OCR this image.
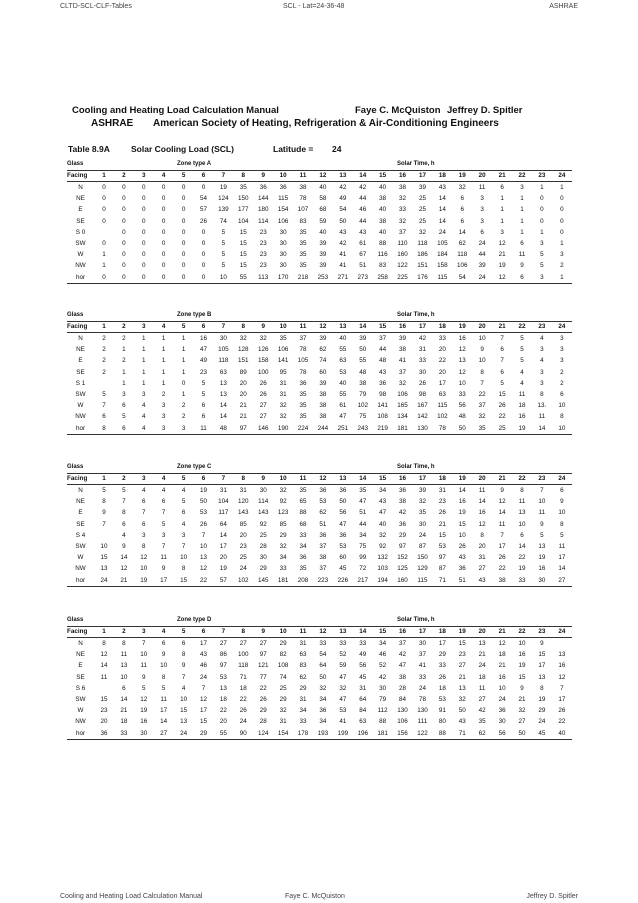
CLTD-SCL-CLF-Tables	SCL - Lat=24-36-48	ASHRAE
Cooling and Heating Load Calculation Manual	Faye C. McQuiston Jeffrey D. Spitler
ASHRAE American Society of Heating, Refrigeration & Air-Conditioning Engineers
Table 8.9A Solar Cooling Load (SCL)	Latitude = 24
Glass	Zone type A	Solar Time, h
Facing	1	2	3	4	5	6	7	8	9	10	11	12	13	14	15	16	17	18	19	20	21	22	23	24
N	0	0	0	0	0	0	19	35	36	36	38	40	42	42	40	38	39	43	32	11	6	3	1	1
NE	0	0	0	0	0	54	124	150	144	115	78	58	49	44	38	32	25	14	6	3	1	1	0	0
E	0	0	0	0	0	57	139	177	180	154	107	68	54	46	40	33	25	14	6	3	1	1	0	0
SE	0	0	0	0	0	26	74	104	114	106	83	59	50	44	38	32	25	14	6	3	1	1	0	0
S 0		0	0	0	0	0	5	15	23	30	35	40	43	43	40	37	32	24	14	6	3	1	1	0
SW	0	0	0	0	0	0	5	15	23	30	35	39	42	61	88	110	118	105	62	24	12	6	3	1
W	1	0	0	0	0	0	5	15	23	30	35	39	41	67	116	160	186	184	118	44	21	11	5	3
NW	1	0	0	0	0	0	5	15	23	30	35	39	41	51	83	122	151	158	106	39	19	9	5	2
hor	0	0	0	0	0	0	10	55	113	170	218	253	271	273	258	225	176	115	54	24	12	6	3	1
Glass	Zone type B	Solar Time, h
Facing	1	2	3	4	5	6	7	8	9	10	11	12	13	14	15	16	17	18	19	20	21	22	23	24
N	2	2	1	1	1	16	30	32	32	35	37	39	40	39	37	39	42	33	16	10	7	5	4	3
NE	2	1	1	1	1	47	105	128	126	106	78	62	55	50	44	38	31	20	12	9	6	5	3	3
E	2	2	1	1	1	49	118	151	158	141	105	74	63	55	48	41	33	22	13	10	7	5	4	3
SE	2	1	1	1	1	23	63	89	100	95	78	60	53	48	43	37	30	20	12	8	6	4	3	2
S 1		1	1	1	0	5	13	20	26	31	36	39	40	38	36	32	26	17	10	7	5	4	3	2
SW	5	3	3	2	1	5	13	20	26	31	35	38	55	79	98	106	98	63	33	22	15	11	8	6
W	7	6	4	3	2	6	14	21	27	32	35	38	61	102	141	165	167	115	56	37	26	18	13.	10
NW	6	5	4	3	2	6	14	21	27	32	35	38	47	75	108	134	142	102	48	32	22	16	11	8
hor	8	6	4	3	3	11	48	97	146	190	224	244	251	243	219	181	130	78	50	35	25	19	14	10
Glass	Zone type C	Solar Time, h
Facing	1	2	3	4	5	6	7	8	9	10	11	12	13	14	15	16	17	18	19	20	21	22	23	24
N	5	5	4	4	4	19	31	31	30	32	35	36	36	35	34	36	39	31	14	11	9	8	7	6
NE	8	7	6	6	5	50	104	120	114	92	65	53	50	47	43	38	32	23	16	14	12	11	10	9
E	9	8	7	7	6	53	117	143	143	123	88	62	56	51	47	42	35	26	19	16	14	13	11	10
SE	7	6	6	5	4	26	64	85	92	85	68	51	47	44	40	36	30	21	15	12	11	10	9	8
S 4		4	3	3	3	7	14	20	25	29	33	36	36	34	32	29	24	15	10	8	7	6	5	5
SW	10	9	8	7	7	10	17	23	28	32	34	37	53	75	92	97	87	53	26	20	17	14	13	11
W	15	14	12	11	10	13	20	25	30	34	36	38	60	99	132	152	150	97	43	31	26	22	19	17
NW	13	12	10	9	8	12	19	24	29	33	35	37	45	72	103	125	129	87	36	27	22	19	16	14
hor	24	21	19	17	15	22	57	102	145	181	208	223	226	217	194	160	115	71	51	43	38	33	30	27
Glass	Zone type D	Solar Time, h
Facing	1	2	3	4	5	6	7	8	9	10	11	12	13	14	15	16	17	18	19	20	21	22	23	24
N	8	8	7	6	6	17	27	27	27	29	31	33	33	33	34	37	30	17	15	13	12	10	9	
NE	12	11	10	9	8	43	86	100	97	82	63	54	52	49	46	42	37	29	23	21	18	16	15	13
E	14	13	11	10	9	46	97	118	121	108	83	64	59	56	52	47	41	33	27	24	21	19	17	16
SE	11	10	9	8	7	24	53	71	77	74	62	50	47	45	42	38	33	26	21	18	16	15	13	12
S 6		6	5	5	4	7	13	18	22	25	29	32	32	31	30	28	24	18	13	11	10	9	8	7
SW	15	14	12	11	10	12	18	22	26	29	31	34	47	64	79	84	78	53	32	27	24	21	19	17
W	23	21	19	17	15	17	22	26	29	32	34	36	53	84	112	130	130	91	50	42	36	32	29	26
NW	20	18	16	14	13	15	20	24	28	31	33	34	41	63	88	106	111	80	43	35	30	27	24	22
hor	36	33	30	27	24	29	55	90	124	154	178	193	199	196	181	156	122	88	71	62	56	50	45	40
Cooling and Heating Load Calculation Manual	Faye C. McQuiston	Jeffrey D. Spitler
